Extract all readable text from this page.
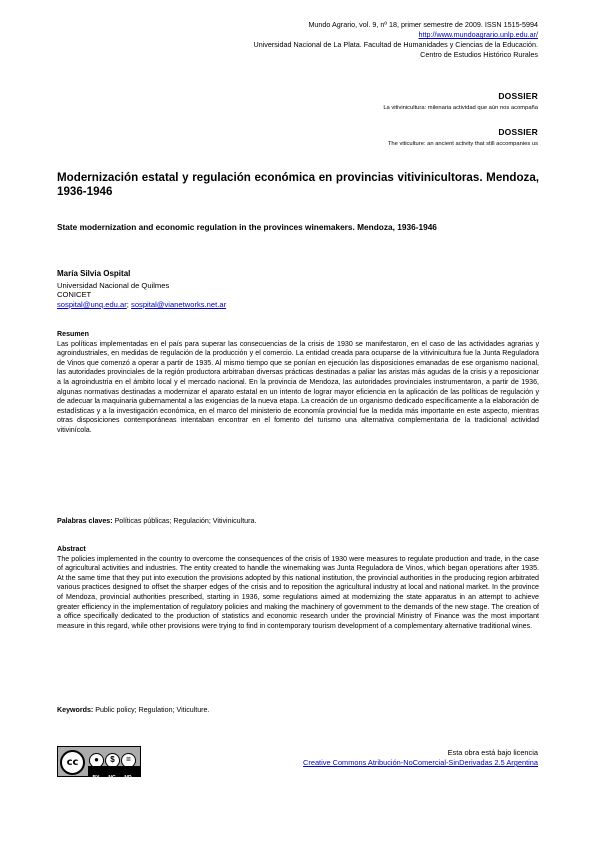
Mundo Agrario, vol. 9, nº 18, primer semestre de 2009. ISSN 1515-5994
http://www.mundoagrario.unlp.edu.ar/
Universidad Nacional de La Plata. Facultad de Humanidades y Ciencias de la Educación.
Centro de Estudios Histórico Rurales
DOSSIER
La vitivinicultura: milenaria actividad que aún nos acompaña
DOSSIER
The viticulture: an ancient activity that still accompanies us
Modernización estatal y regulación económica en provincias vitivinicultoras. Mendoza, 1936-1946
State modernization and economic regulation in the provinces winemakers. Mendoza, 1936-1946
María Silvia Ospital
Universidad Nacional de Quilmes
CONICET
sospital@unq.edu.ar; sospital@vianetworks.net.ar
Resumen
Las políticas implementadas en el país para superar las consecuencias de la crisis de 1930 se manifestaron, en el caso de las actividades agrarias y agroindustriales, en medidas de regulación de la producción y el comercio. La entidad creada para ocuparse de la vitivinicultura fue la Junta Reguladora de Vinos que comenzó a operar a partir de 1935. Al mismo tiempo que se ponían en ejecución las disposiciones emanadas de ese organismo nacional, las autoridades provinciales de la región productora arbitraban diversas prácticas destinadas a paliar las aristas más agudas de la crisis y a reposicionar a la agroindustria en el ámbito local y el mercado nacional. En la provincia de Mendoza, las autoridades provinciales instrumentaron, a partir de 1936, algunas normativas destinadas a modernizar el aparato estatal en un intento de lograr mayor eficiencia en la aplicación de las políticas de regulación y de adecuar la maquinaria gubernamental a las exigencias de la nueva etapa. La creación de un organismo dedicado específicamente a la elaboración de estadísticas y a la investigación económica, en el marco del ministerio de economía provincial fue la medida más importante en este aspecto, mientras otras disposiciones contemporáneas intentaban encontrar en el fomento del turismo una alternativa complementaria de la tradicional actividad vitivinícola.
Palabras claves: Políticas públicas; Regulación; Vitivinicultura.
Abstract
The policies implemented in the country to overcome the consequences of the crisis of 1930 were measures to regulate production and trade, in the case of agricultural activities and industries. The entity created to handle the winemaking was Junta Reguladora de Vinos, which began operations after 1935. At the same time that they put into execution the provisions adopted by this national institution, the provincial authorities in the producing region arbitrated various practices designed to offset the sharper edges of the crisis and to reposition the agricultural industry at local and national market. In the province of Mendoza, provincial authorities prescribed, starting in 1936, some regulations aimed at modernizing the state apparatus in an attempt to achieve greater efficiency in the implementation of regulatory policies and making the machinery of government to the demands of the new stage. The creation of a office specifically dedicated to the production of statistics and economic research under the provincial Ministry of Finance was the most important measure in this regard, while other provisions were trying to find in contemporary tourism development of a complementary alternative traditional wines.
Keywords: Public policy; Regulation; Viticulture.
cc	● $ =
BY NC ND
Esta obra está bajo licencia
Creative Commons Atribución-NoComercial-SinDerivadas 2.5 Argentina
